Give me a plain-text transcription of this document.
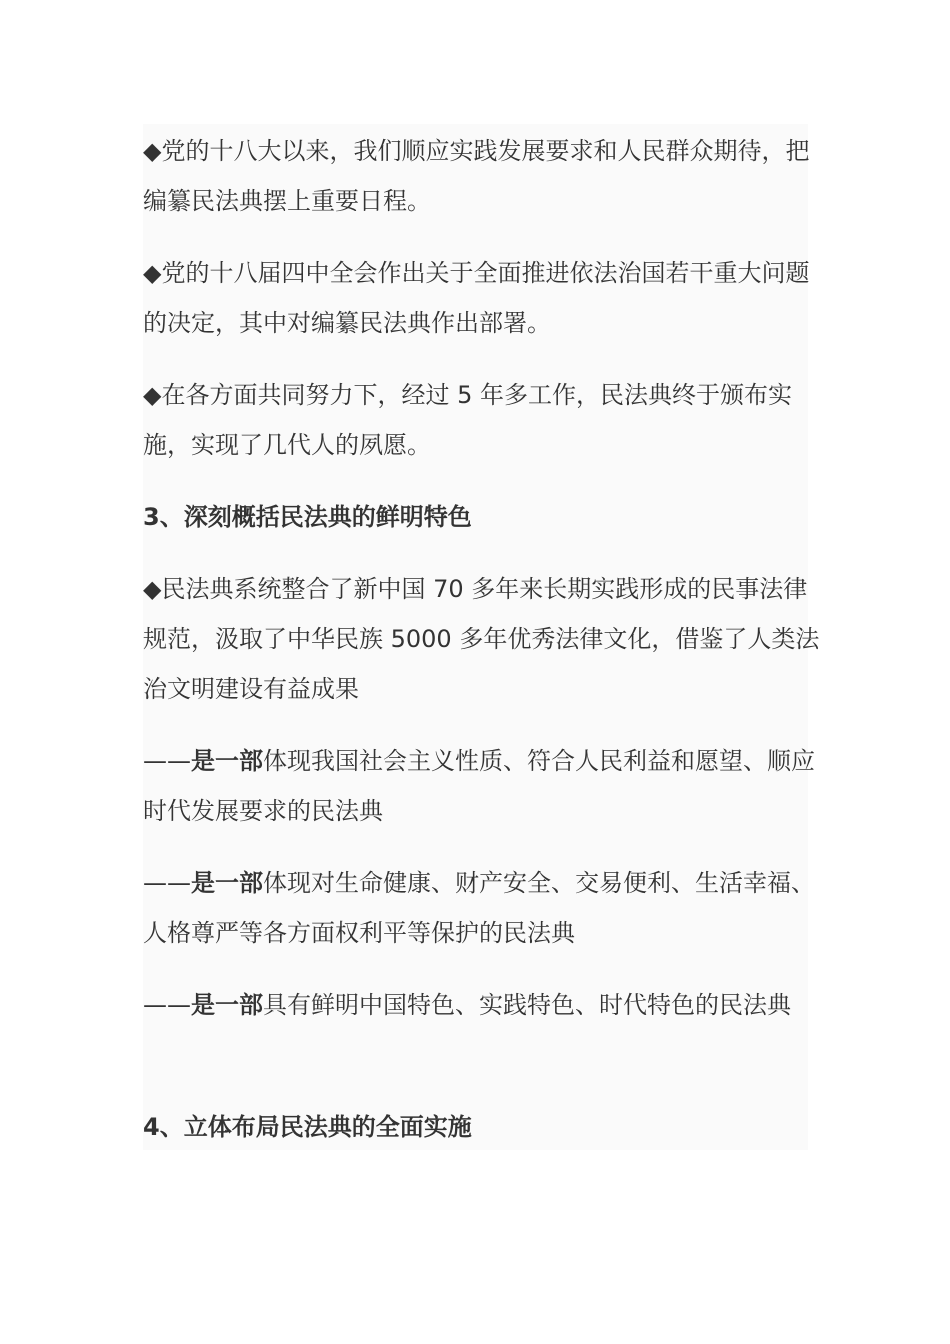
◆党的十八大以来，我们顺应实践发展要求和人民群众期待，把编纂民法典摆上重要日程。

◆党的十八届四中全会作出关于全面推进依法治国若干重大问题的决定，其中对编纂民法典作出部署。

◆在各方面共同努力下，经过 5 年多工作，民法典终于颁布实施，实现了几代人的夙愿。

3、深刻概括民法典的鲜明特色

◆民法典系统整合了新中国 70 多年来长期实践形成的民事法律规范，汲取了中华民族 5000 多年优秀法律文化，借鉴了人类法治文明建设有益成果

——是一部体现我国社会主义性质、符合人民利益和愿望、顺应时代发展要求的民法典

——是一部体现对生命健康、财产安全、交易便利、生活幸福、人格尊严等各方面权利平等保护的民法典

——是一部具有鲜明中国特色、实践特色、时代特色的民法典

4、立体布局民法典的全面实施
